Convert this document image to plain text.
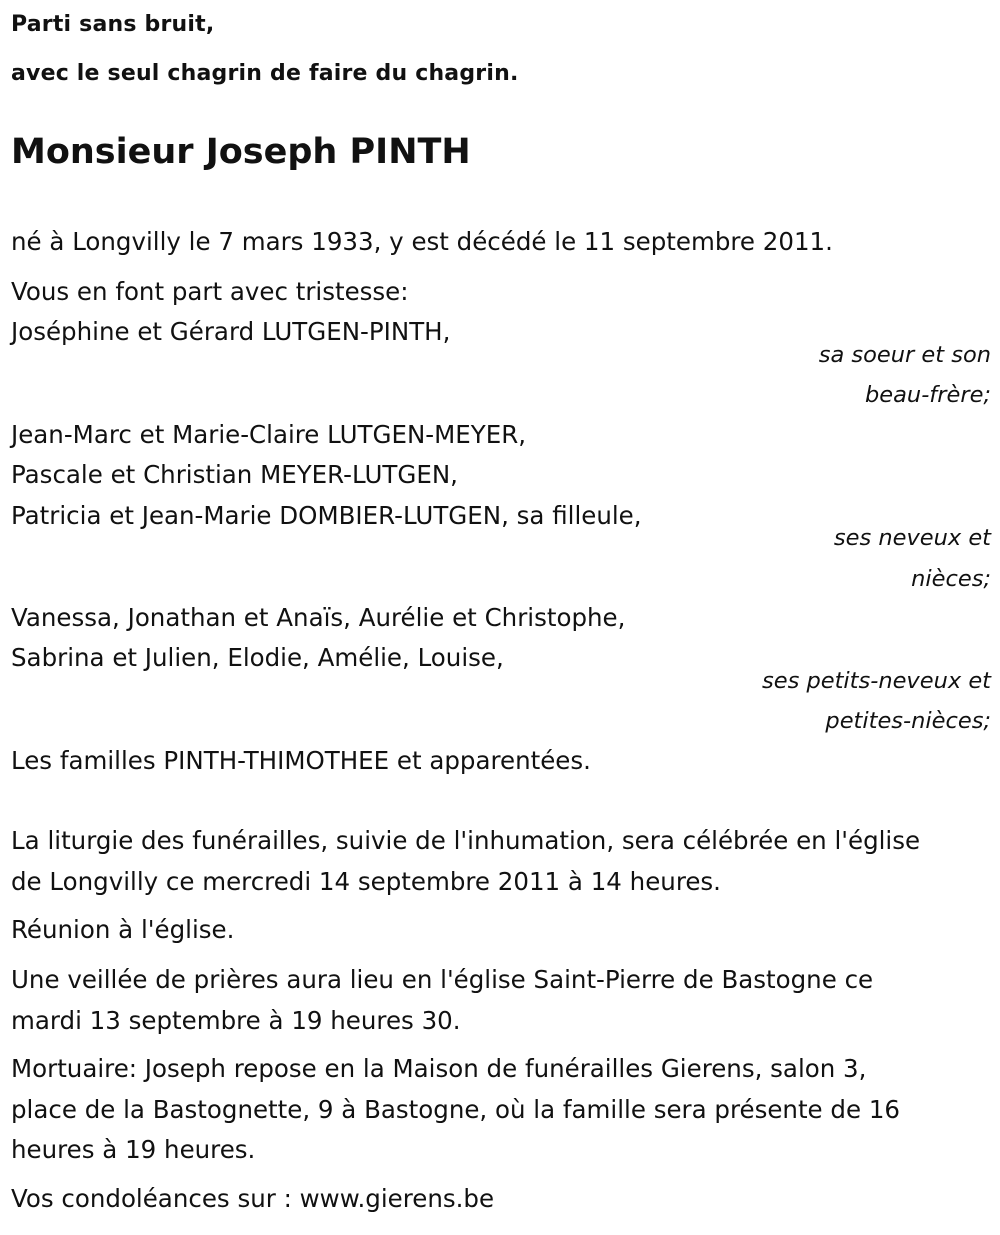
Parti sans bruit,
avec le seul chagrin de faire du chagrin.
Monsieur Joseph PINTH
né à Longvilly le 7 mars 1933, y est décédé le 11 septembre 2011.
Vous en font part avec tristesse:
Joséphine et Gérard LUTGEN-PINTH,
sa soeur et son
beau-frère;
Jean-Marc et Marie-Claire LUTGEN-MEYER,
Pascale et Christian MEYER-LUTGEN,
Patricia et Jean-Marie DOMBIER-LUTGEN, sa filleule,
ses neveux et
nièces;
Vanessa, Jonathan et Anaïs, Aurélie et Christophe,
Sabrina et Julien, Elodie, Amélie, Louise,
ses petits-neveux et
petites-nièces;
Les familles PINTH-THIMOTHEE et apparentées.
La liturgie des funérailles, suivie de l'inhumation, sera célébrée en l'église
de Longvilly ce mercredi 14 septembre 2011 à 14 heures.
Réunion à l'église.
Une veillée de prières aura lieu en l'église Saint-Pierre de Bastogne ce
mardi 13 septembre à 19 heures 30.
Mortuaire: Joseph repose en la Maison de funérailles Gierens, salon 3,
place de la Bastognette, 9 à Bastogne, où la famille sera présente de 16
heures à 19 heures.
Vos condoléances sur : www.gierens.be
